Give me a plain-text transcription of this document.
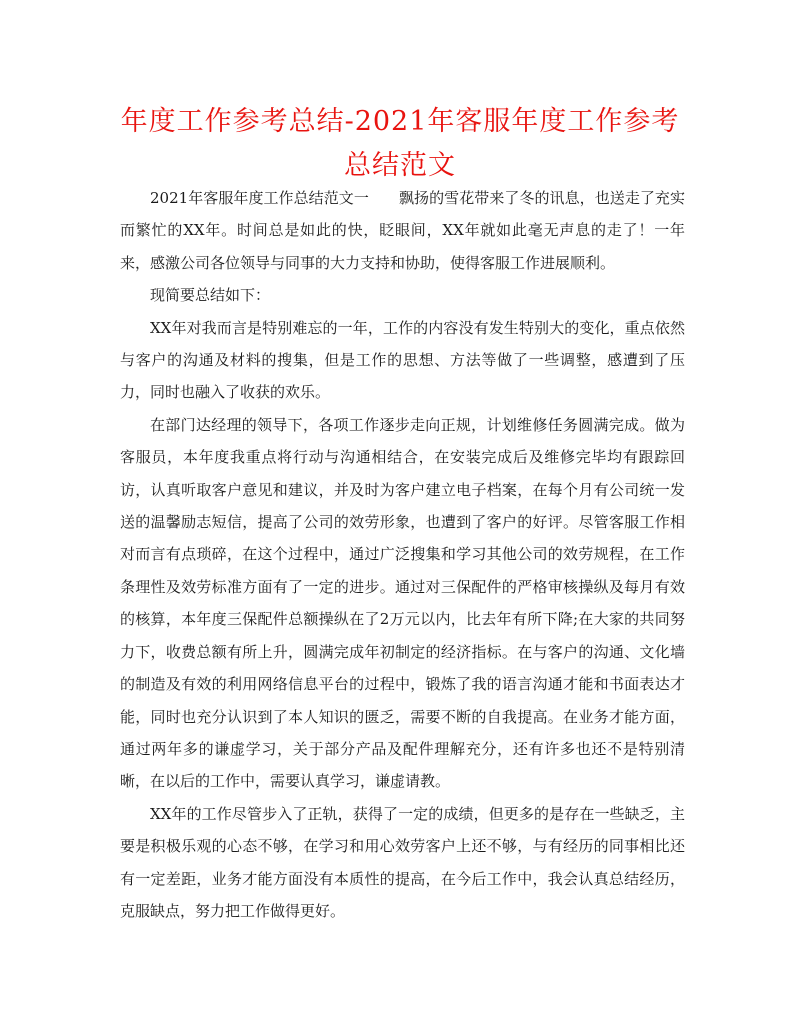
年度工作参考总结-2021年客服年度工作参考总结范文

2021年客服年度工作总结范文一　　飘扬的雪花带来了冬的讯息，也送走了充实而繁忙的XX年。时间总是如此的快，眨眼间，XX年就如此毫无声息的走了！一年来，感激公司各位领导与同事的大力支持和协助，使得客服工作进展顺利。

现简要总结如下：

XX年对我而言是特别难忘的一年，工作的内容没有发生特别大的变化，重点依然与客户的沟通及材料的搜集，但是工作的思想、方法等做了一些调整，感遭到了压力，同时也融入了收获的欢乐。

在部门达经理的领导下，各项工作逐步走向正规，计划维修任务圆满完成。做为客服员，本年度我重点将行动与沟通相结合，在安装完成后及维修完毕均有跟踪回访，认真听取客户意见和建议，并及时为客户建立电子档案，在每个月有公司统一发送的温馨励志短信，提高了公司的效劳形象，也遭到了客户的好评。尽管客服工作相对而言有点琐碎，在这个过程中，通过广泛搜集和学习其他公司的效劳规程，在工作条理性及效劳标准方面有了一定的进步。通过对三保配件的严格审核操纵及每月有效的核算，本年度三保配件总额操纵在了2万元以内，比去年有所下降;在大家的共同努力下，收费总额有所上升，圆满完成年初制定的经济指标。在与客户的沟通、文化墙的制造及有效的利用网络信息平台的过程中，锻炼了我的语言沟通才能和书面表达才能，同时也充分认识到了本人知识的匮乏，需要不断的自我提高。在业务才能方面，通过两年多的谦虚学习，关于部分产品及配件理解充分，还有许多也还不是特别清晰，在以后的工作中，需要认真学习，谦虚请教。

XX年的工作尽管步入了正轨，获得了一定的成绩，但更多的是存在一些缺乏，主要是积极乐观的心态不够，在学习和用心效劳客户上还不够，与有经历的同事相比还有一定差距，业务才能方面没有本质性的提高，在今后工作中，我会认真总结经历，克服缺点，努力把工作做得更好。
